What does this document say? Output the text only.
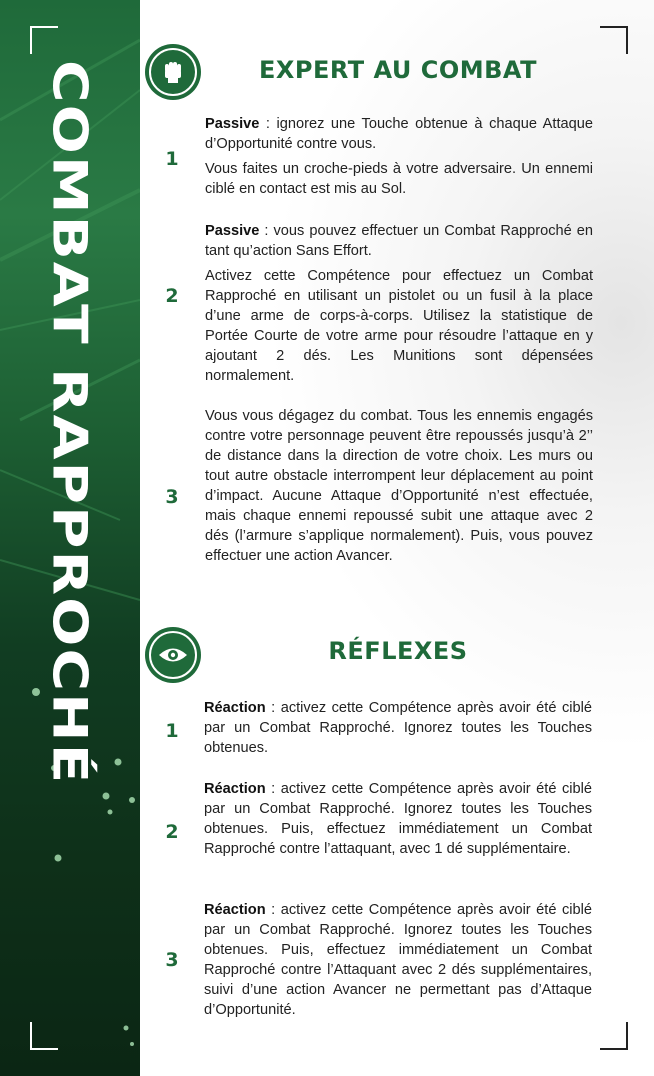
COMBAT RAPPROCHÉ	EXPERT AU COMBAT
1

Passive : ignorez une Touche obtenue à chaque Attaque d’Opportunité contre vous.

Vous faites un croche-pieds à votre adversaire. Un ennemi ciblé en contact est mis au Sol.

2

Passive : vous pouvez effectuer un Combat Rapproché en tant qu’action Sans Effort.

Activez cette Compétence pour effectuez un Combat Rapproché en utilisant un pistolet ou un fusil à la place d’une arme de corps-à-corps. Utilisez la statistique de Portée Courte de votre arme pour résoudre l’attaque en y ajoutant 2 dés. Les Munitions sont dépensées normalement.

3

Vous vous dégagez du combat. Tous les ennemis engagés contre votre personnage peuvent être repoussés jusqu’à 2’’ de distance dans la direction de votre choix. Les murs ou tout autre obstacle interrompent leur déplacement au point d’impact. Aucune Attaque d’Opportunité n’est effectuée, mais chaque ennemi repoussé subit une attaque avec 2 dés (l’armure s’applique normalement). Puis, vous pouvez effectuer une action Avancer.

RÉFLEXES
1

Réaction : activez cette Compétence après avoir été ciblé par un Combat Rapproché. Ignorez toutes les Touches obtenues.

2

Réaction : activez cette Compétence après avoir été ciblé par un Combat Rapproché. Ignorez toutes les Touches obtenues. Puis, effectuez immédiatement un Combat Rapproché contre l’attaquant, avec 1 dé supplémentaire.

3

Réaction : activez cette Compétence après avoir été ciblé par un Combat Rapproché. Ignorez toutes les Touches obtenues. Puis, effectuez immédiatement un Combat Rapproché contre l’Attaquant avec 2 dés supplémentaires, suivi d’une action Avancer ne permettant pas d’Attaque d’Opportunité.
